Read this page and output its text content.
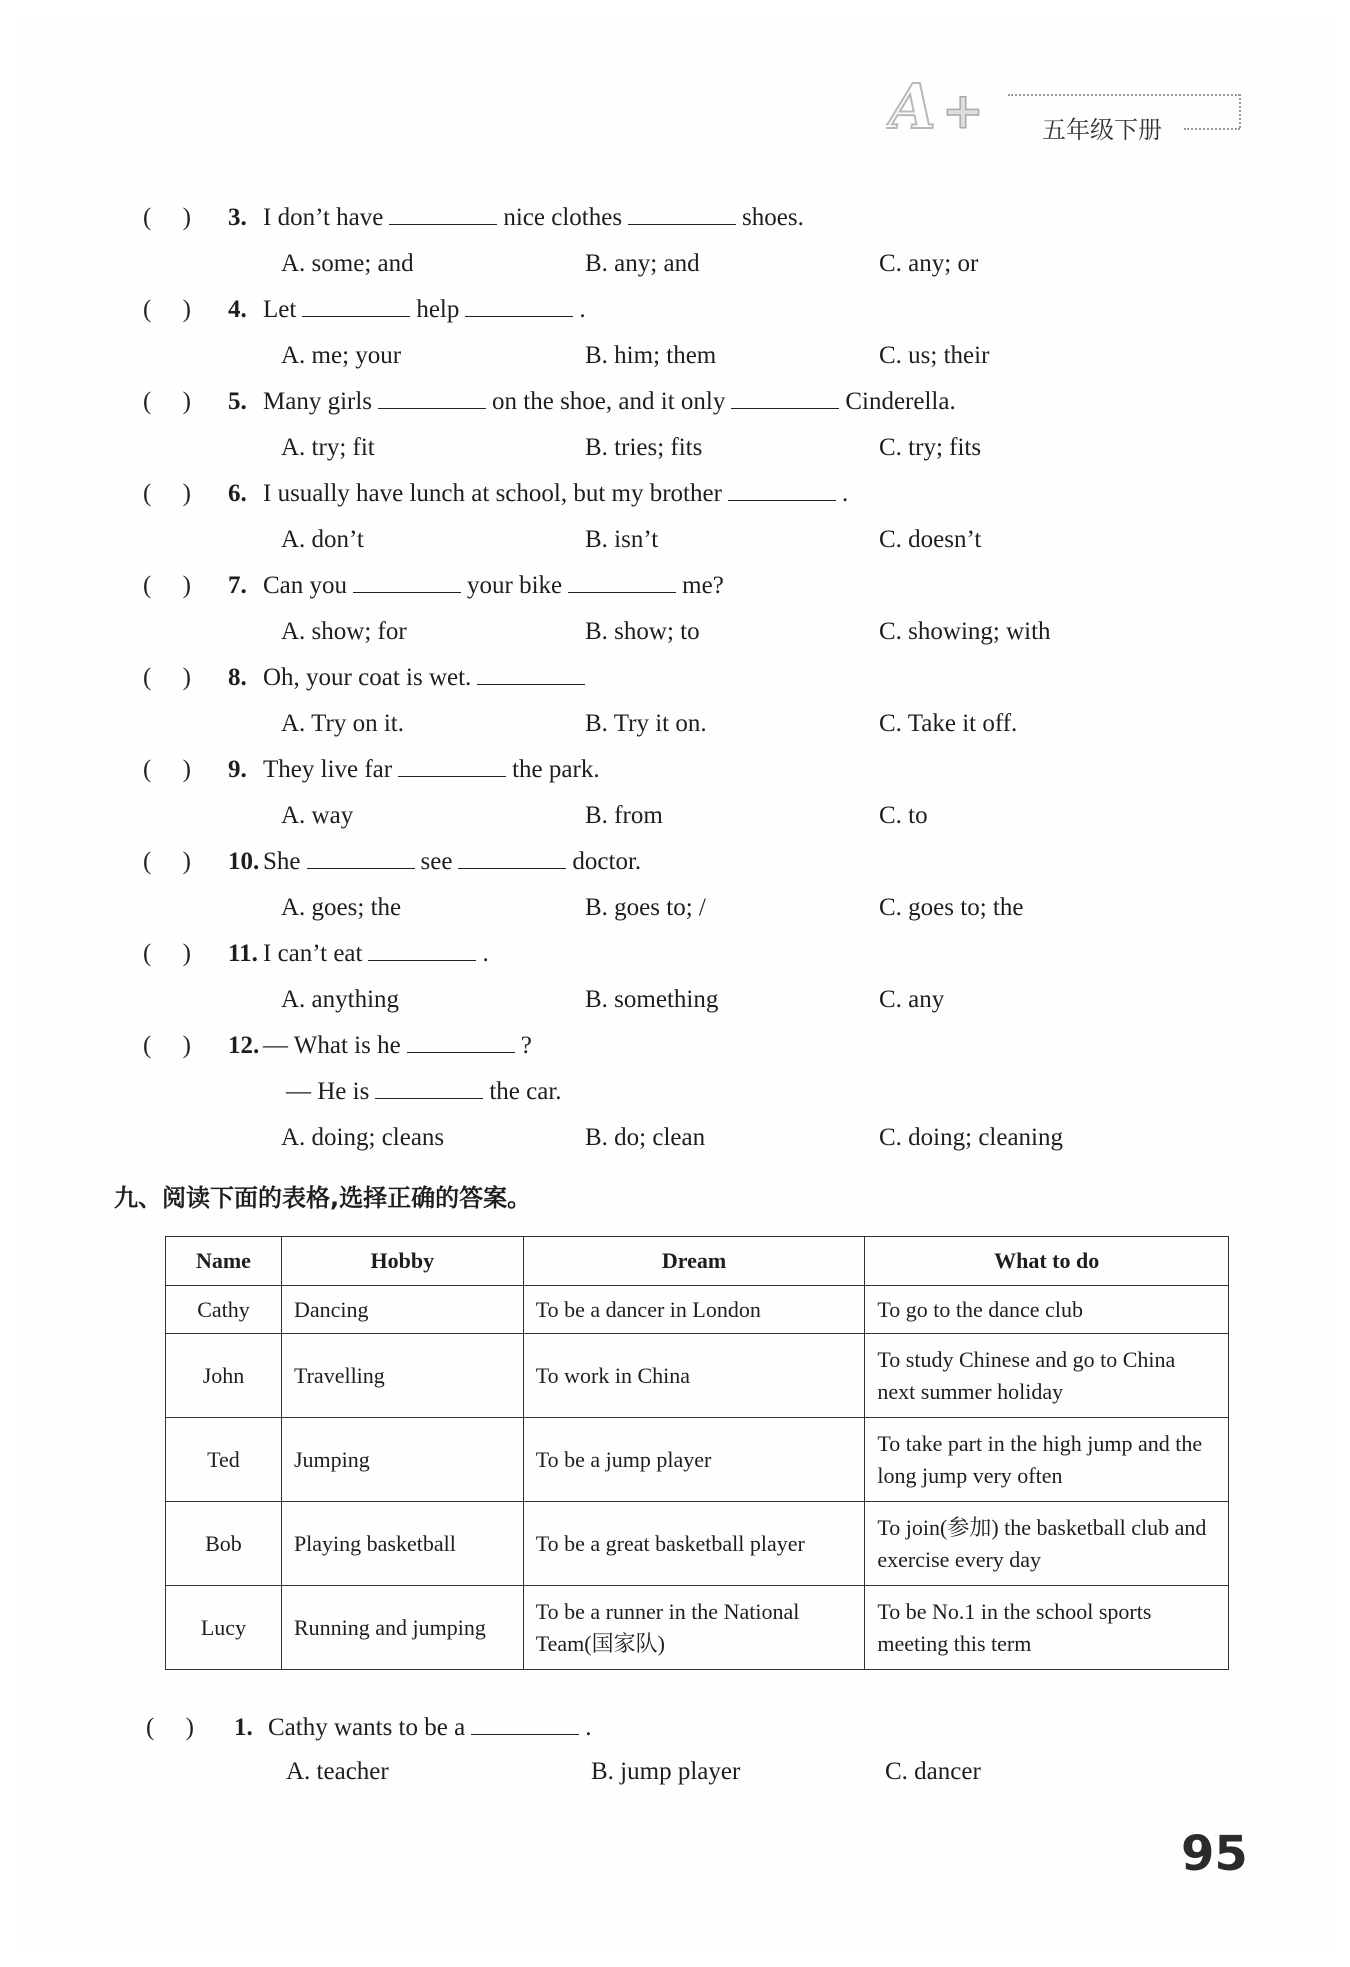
A + 五年级下册
(     ) 3. I don’t have	nice clothes	shoes.
A. some; and	B. any; and	C. any; or
(     ) 4. Let	help	.
A. me; your	B. him; them	C. us; their
(     ) 5. Many girls	on the shoe, and it only	Cinderella.
A. try; fit	B. tries; fits	C. try; fits
(     ) 6. I usually have lunch at school, but my brother	.
A. don’t	B. isn’t	C. doesn’t
(     ) 7. Can you	your bike	me?
A. show; for	B. show; to	C. showing; with
(     ) 8. Oh, your coat is wet.
A. Try on it.	B. Try it on.	C. Take it off.
(     ) 9. They live far	the park.
A. way	B. from	C. to
(     ) 10. She	see	doctor.
A. goes; the	B. goes to; /	C. goes to; the
(     ) 11. I can’t eat	.
A. anything	B. something	C. any
(     ) 12. — What is he	?
— He is	the car.
A. doing; cleans	B. do; clean	C. doing; cleaning
九、阅读下面的表格,选择正确的答案。
Name	Hobby	Dream	What to do
Cathy	Dancing	To be a dancer in London	To go to the dance club
John	Travelling	To work in China	To study Chinese and go to China next summer holiday
Ted	Jumping	To be a jump player	To take part in the high jump and the long jump very often
Bob	Playing basketball	To be a great basketball player	To join(参加) the basketball club and exercise every day
Lucy	Running and jumping	To be a runner in the National Team(国家队)	To be No.1 in the school sports meeting this term
(     ) 1. Cathy wants to be a	.
A. teacher	B. jump player	C. dancer
95
